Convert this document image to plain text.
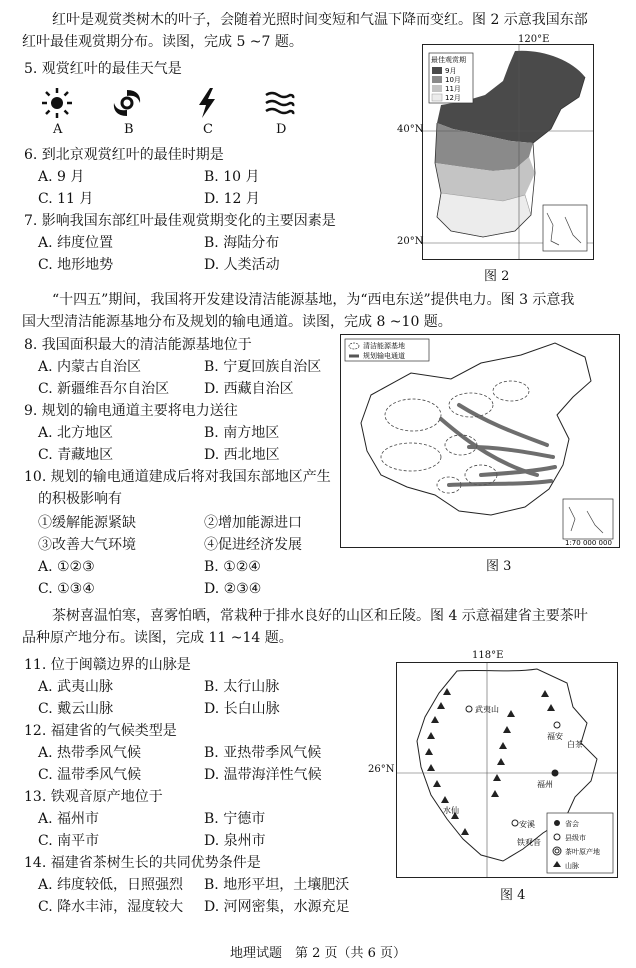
红叶是观赏类树木的叶子，会随着光照时间变短和气温下降而变红。图 2 示意我国东部
红叶最佳观赏期分布。读图，完成 5 ~7 题。
5. 观赏红叶的最佳天气是
A	B	C	D
6. 到北京观赏红叶的最佳时期是
A. 9 月	B. 10 月
C. 11 月	D. 12 月
7. 影响我国东部红叶最佳观赏期变化的主要因素是
A. 纬度位置	B. 海陆分布
C. 地形地势	D. 人类活动
最佳观赏期
9月
10月
11月
12月
120°E
40°N
20°N
图 2
“十四五”期间，我国将开发建设清洁能源基地，为“西电东送”提供电力。图 3 示意我
国大型清洁能源基地分布及规划的输电通道。读图，完成 8 ~10 题。
8. 我国面积最大的清洁能源基地位于
A. 内蒙古自治区	B. 宁夏回族自治区
C. 新疆维吾尔自治区 D. 西藏自治区
9. 规划的输电通道主要将电力送往
A. 北方地区	B. 南方地区
C. 青藏地区	D. 西北地区
10. 规划的输电通道建成后将对我国东部地区产生
的积极影响有
①缓解能源紧缺	②增加能源进口
③改善大气环境	④促进经济发展
A. ①②③	B. ①②④
C. ①③④	D. ②③④
清洁能源基地
规划输电通道
1:70 000 000
图 3
茶树喜温怕寒，喜雾怕晒，常栽种于排水良好的山区和丘陵。图 4 示意福建省主要茶叶
品种原产地分布。读图，完成 11 ~14 题。
11. 位于闽赣边界的山脉是
A. 武夷山脉	B. 太行山脉
C. 戴云山脉	D. 长白山脉
12. 福建省的气候类型是
A. 热带季风气候	B. 亚热带季风气候
C. 温带季风气候	D. 温带海洋性气候
13. 铁观音原产地位于
A. 福州市	B. 宁德市
C. 南平市	D. 泉州市
14. 福建省茶树生长的共同优势条件是
A. 纬度较低，日照强烈 B. 地形平坦，土壤肥沃
C. 降水丰沛，湿度较大 D. 河网密集，水源充足
武夷山
福安
福州
安溪
水仙
白茶
铁观音
省会
县级市
茶叶原产地
山脉
118°E
26°N
图 4
地理试题　第 2 页（共 6 页）
